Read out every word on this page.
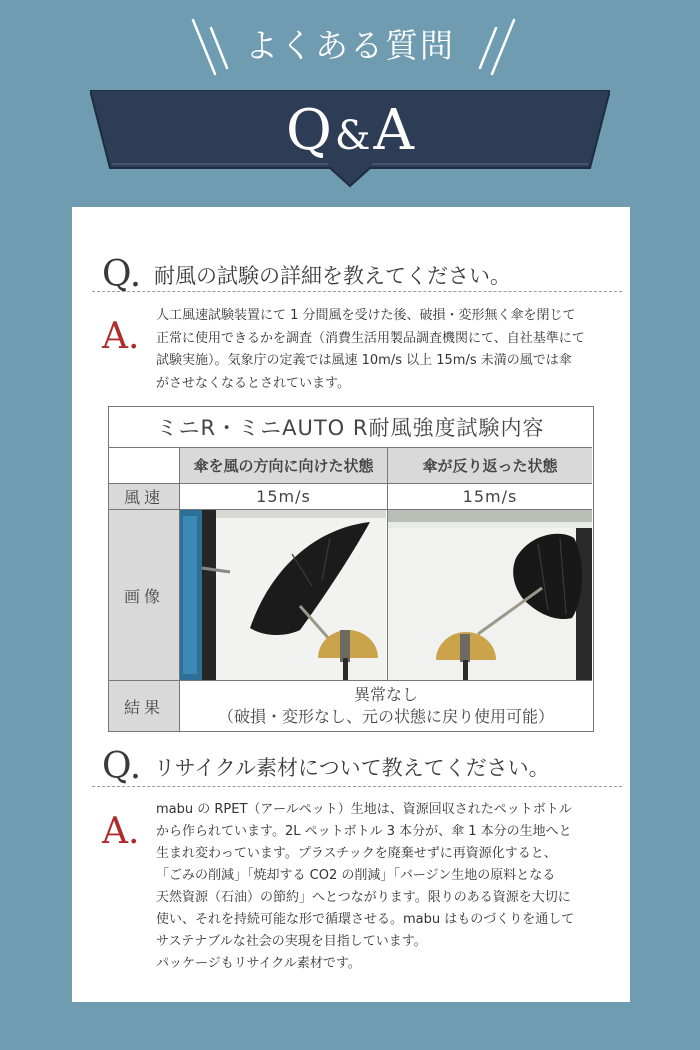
よくある質問
Q&A
Q. 耐風の試験の詳細を教えてください。
A.
人工風速試験装置にて 1 分間風を受けた後、破損・変形無く傘を閉じて
正常に使用できるかを調査（消費生活用製品調査機関にて、自社基準にて
試験実施）。気象庁の定義では風速 10m/s 以上 15m/s 未満の風では傘
がさせなくなるとされています。
ミニR・ミニAUTO R耐風強度試験内容
傘を風の方向に向けた状態	傘が反り返った状態
風速	15m/s	15m/s
画像
結果
異常なし
（破損・変形なし、元の状態に戻り使用可能）
Q. リサイクル素材について教えてください。
A.
mabu の RPET（アールペット）生地は、資源回収されたペットボトル
から作られています。2L ペットボトル 3 本分が、傘 1 本分の生地へと
生まれ変わっています。プラスチックを廃棄せずに再資源化すると、
「ごみの削減」「焼却する CO2 の削減」「バージン生地の原料となる
天然資源（石油）の節約」へとつながります。限りのある資源を大切に
使い、それを持続可能な形で循環させる。mabu はものづくりを通して
サステナブルな社会の実現を目指しています。
パッケージもリサイクル素材です。
